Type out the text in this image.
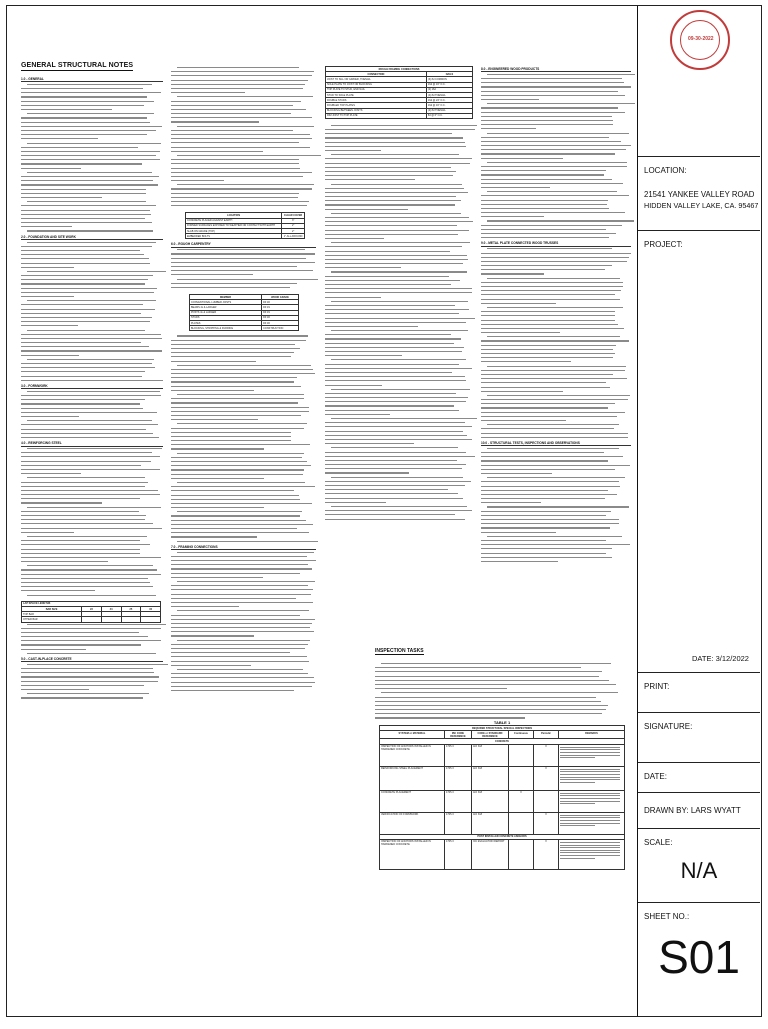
GENERAL STRUCTURAL NOTES
1.0 - GENERAL
2.0 - FOUNDATION AND SITE WORK
3.0 - FORMWORK
4.0 - REINFORCING STEEL
LAP SPLICE LENGTHS				
BAR SIZE	#3	#4	#5	#6
TOP BAR				
OTHER BAR				
5.0 - CAST-IN-PLACE CONCRETE
LOCATION	CLEAR COVER
CONCRETE PLACED AGAINST EARTH	3"
FORMED SURFACES EXPOSED TO WEATHER OR CONTACT WITH EARTH	2"
SLAB ON GRADE (TOP)	2"
EMBEDDED BOLTS	1" ALL AROUND
6.0 - ROUGH CARPENTRY
MEMBER	WOOD GRADE
CONVENTIONAL LUMBER JOISTS	DF #2
BEAMS 4x & LARGER	DF #1
POSTS 4x & LARGER	DF #1
STUDS	DF #2
PLATES	DF #2
BLOCKING, STRIPPING & FURRING	CONSTRUCTION
7.0 - FRAMING CONNECTIONS
ROUGH FRAMING CONNECTIONS	
CONNECTION	NAILS
JOIST TO SILL OR GIRDER, TOENAIL	(3) 8d COMMON
SOLE PLATE TO JOIST OR BLOCKING	16d @ 16" O.C.
TOP PLATE TO STUD, END NAIL	(2) 16d
STUD TO SOLE PLATE	(4) 8d TOENAIL
DOUBLE STUDS	16d @ 24" O.C.
DOUBLED TOP PLATES	16d @ 16" O.C.
BLOCKING BETWEEN JOISTS	(2) 8d TOENAIL
RIM JOIST TO TOP PLATE	8d @ 6" O.C.
8.0 - ENGINEERED WOOD PRODUCTS
9.0 - METAL PLATE CONNECTED WOOD TRUSSES
10.0 - STRUCTURAL TESTS, INSPECTIONS AND OBSERVATIONS
INSPECTION TASKS
TABLE 1
REQUIRED STRUCTURAL SPECIAL INSPECTIONS					
SYSTEM or MATERIAL	IBC CODE REFERENCE	CODE or STANDARD REFERENCE	Continuous	Periodic	REMARKS
CONCRETE					
INSPECTION OF ANCHORS INSTALLED IN HARDENED CONCRETE	1705.3	ACI 318		X	

REINFORCING STEEL PLACEMENT	1705.3	ACI 318		X	

CONCRETE PLACEMENT	1705.3	ACI 318	X		

VERIFICATION OF FORMWORK	1705.3	ACI 318		X	

POST INSTALLED CONCRETE ANCHORS					
INSPECTION OF ANCHORS INSTALLED IN HARDENED CONCRETE	1705.3	ICC EVALUATION REPORT		X	
09-30-2022
LOCATION:
21541 YANKEE VALLEY ROAD
HIDDEN VALLEY LAKE, CA. 95467
PROJECT:
DATE: 3/12/2022
PRINT:
SIGNATURE:
DATE:
DRAWN BY: LARS WYATT
SCALE:
N/A
SHEET NO.:
S01
